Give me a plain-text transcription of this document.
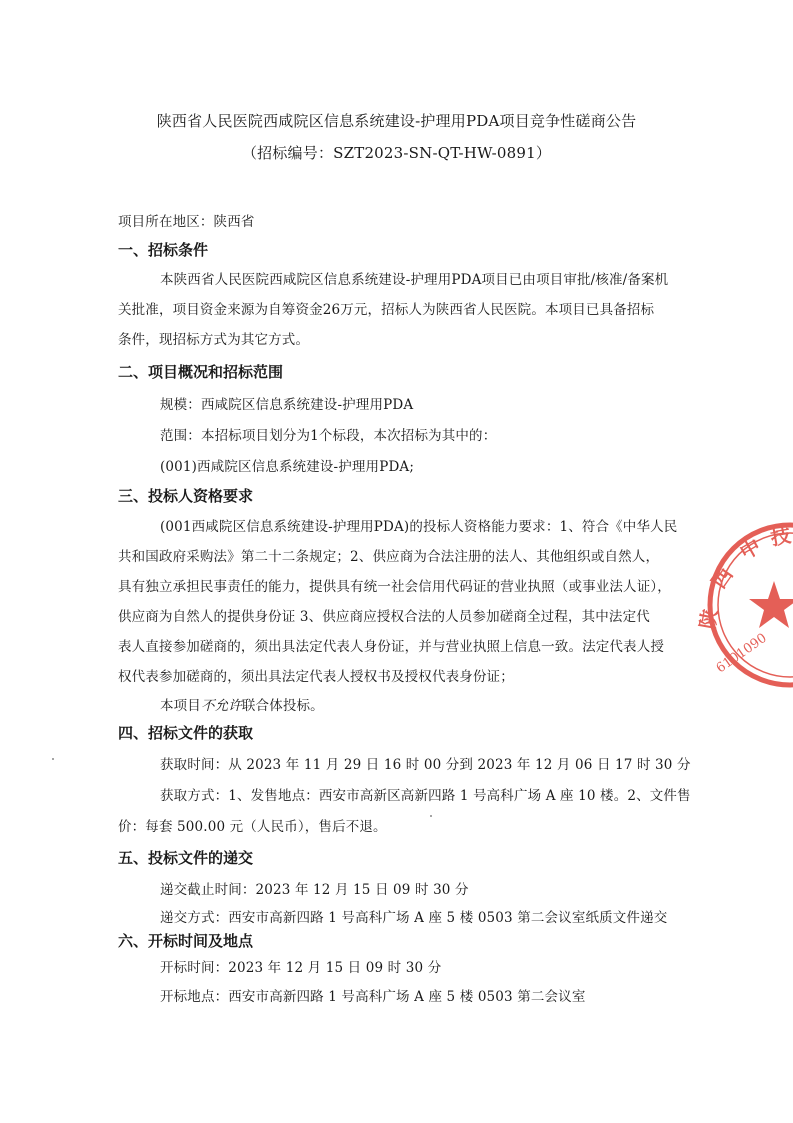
陕西省人民医院西咸院区信息系统建设-护理用PDA项目竞争性磋商公告
（招标编号：SZT2023-SN-QT-HW-0891）
项目所在地区：陕西省
一、招标条件
本陕西省人民医院西咸院区信息系统建设-护理用PDA项目已由项目审批/核准/备案机
关批准，项目资金来源为自筹资金26万元，招标人为陕西省人民医院。本项目已具备招标
条件，现招标方式为其它方式。
二、项目概况和招标范围
规模：西咸院区信息系统建设-护理用PDA
范围：本招标项目划分为1个标段，本次招标为其中的：
(001)西咸院区信息系统建设-护理用PDA;
三、投标人资格要求
(001西咸院区信息系统建设-护理用PDA)的投标人资格能力要求：1、符合《中华人民
共和国政府采购法》第二十二条规定；2、供应商为合法注册的法人、其他组织或自然人，
具有独立承担民事责任的能力，提供具有统一社会信用代码证的营业执照（或事业法人证），
供应商为自然人的提供身份证 3、供应商应授权合法的人员参加磋商全过程，其中法定代
表人直接参加磋商的，须出具法定代表人身份证，并与营业执照上信息一致。法定代表人授
权代表参加磋商的，须出具法定代表人授权书及授权代表身份证；
本项目不允许联合体投标。
四、招标文件的获取
获取时间：从 2023 年 11 月 29 日 16 时 00 分到 2023 年 12 月 06 日 17 时 30 分
获取方式：1、发售地点：西安市高新区高新四路 1 号高科广场 A 座 10 楼。2、文件售
价：每套 500.00 元（人民币），售后不退。
五、投标文件的递交
递交截止时间：2023 年 12 月 15 日 09 时 30 分
递交方式：西安市高新四路 1 号高科广场 A 座 5 楼 0503 第二会议室纸质文件递交
六、开标时间及地点
开标时间：2023 年 12 月 15 日 09 时 30 分
开标地点：西安市高新四路 1 号高科广场 A 座 5 楼 0503 第二会议室
6101090
陕
西
中 技
